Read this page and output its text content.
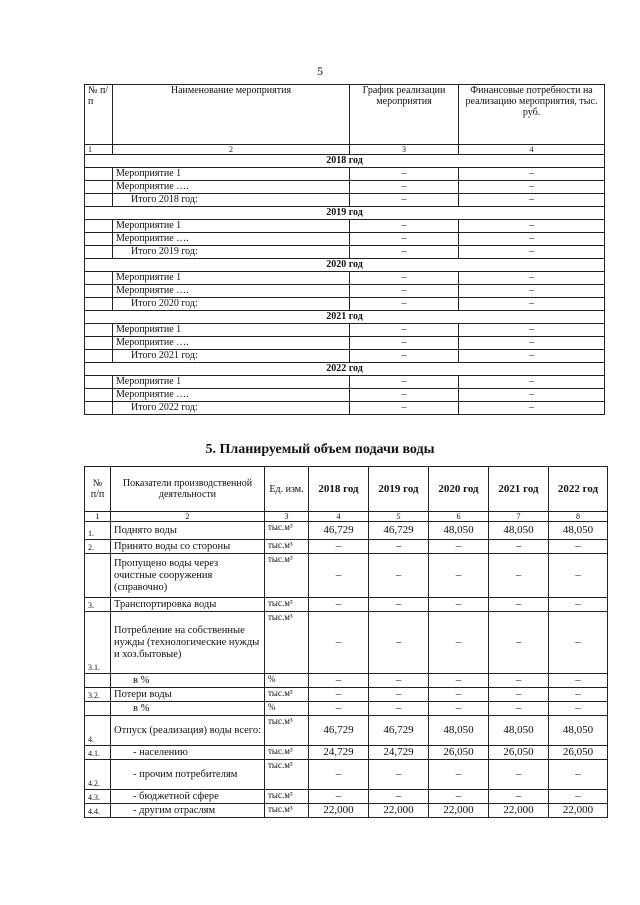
5
№ п/п	Наименование мероприятия	График реализации мероприятия	Финансовые потребности на реализацию мероприятия, тыс. руб.
1	2	3	4
2018 год			
	Мероприятие 1	–	–
	Мероприятие ….	–	–
	Итого 2018 год:	–	–
2019 год			
	Мероприятие 1	–	–
	Мероприятие ….	–	–
	Итого 2019 год:	–	–
2020 год			
	Мероприятие 1	–	–
	Мероприятие ….	–	–
	Итого 2020 год:	–	–
2021 год			
	Мероприятие 1	–	–
	Мероприятие ….	–	–
	Итого 2021 год:	–	–
2022 год			
	Мероприятие 1	–	–
	Мероприятие ….	–	–
	Итого 2022 год:	–	–
5. Планируемый объем подачи воды
№ п/п	Показатели производственной деятельности	Ед. изм.	2018 год	2019 год	2020 год	2021 год	2022 год
1	2	3	4	5	6	7	8
1.	Поднято воды	тыс.м³	46,729	46,729	48,050	48,050	48,050
2.	Принято воды со стороны	тыс.м³	–	–	–	–	–
	Пропущено воды через очистные сооружения (справочно)	тыс.м³	–	–	–	–	–
3.	Транспортировка воды	тыс.м³	–	–	–	–	–
3.1.	Потребление на собственные нужды (технологические нужды и хоз.бытовые)	тыс.м³	–	–	–	–	–
	в %	%	–	–	–	–	–
3.2.	Потери воды	тыс.м³	–	–	–	–	–
	в %	%	–	–	–	–	–
4.	Отпуск (реализация) воды всего:	тыс.м³	46,729	46,729	48,050	48,050	48,050
4.1.	- населению	тыс.м³	24,729	24,729	26,050	26,050	26,050
4.2.	- прочим потребителям	тыс.м³	–	–	–	–	–
4.3.	- бюджетной сфере	тыс.м³	–	–	–	–	–
4.4.	- другим отраслям	тыс.м³	22,000	22,000	22,000	22,000	22,000
